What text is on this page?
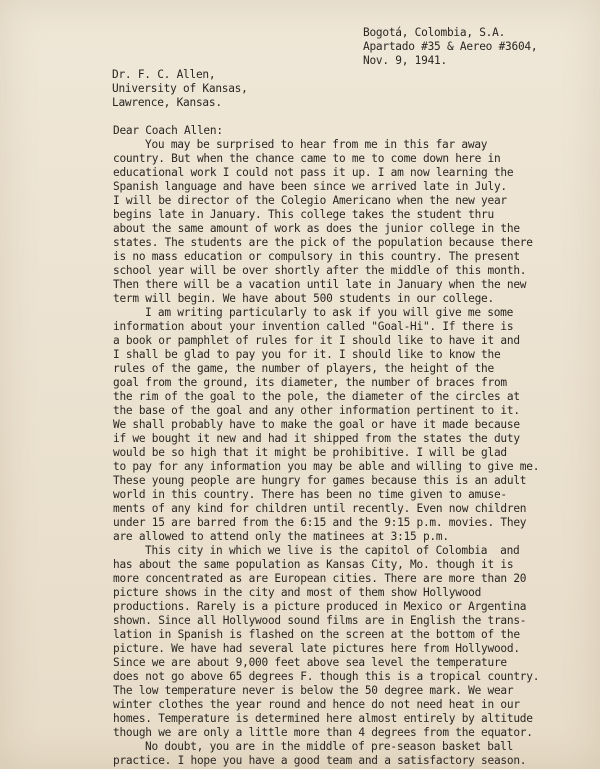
Bogotá, Colombia, S.A.
Apartado #35 & Aereo #3604,
Nov. 9, 1941.
Dr. F. C. Allen,
University of Kansas,
Lawrence, Kansas.
Dear Coach Allen:
You may be surprised to hear from me in this far away
country. But when the chance came to me to come down here in
educational work I could not pass it up. I am now learning the
Spanish language and have been since we arrived late in July.
I will be director of the Colegio Americano when the new year
begins late in January. This college takes the student thru
about the same amount of work as does the junior college in the
states. The students are the pick of the population because there
is no mass education or compulsory in this country. The present
school year will be over shortly after the middle of this month.
Then there will be a vacation until late in January when the new
term will begin. We have about 500 students in our college.
I am writing particularly to ask if you will give me some
information about your invention called "Goal-Hi". If there is
a book or pamphlet of rules for it I should like to have it and
I shall be glad to pay you for it. I should like to know the
rules of the game, the number of players, the height of the
goal from the ground, its diameter, the number of braces from
the rim of the goal to the pole, the diameter of the circles at
the base of the goal and any other information pertinent to it.
We shall probably have to make the goal or have it made because
if we bought it new and had it shipped from the states the duty
would be so high that it might be prohibitive. I will be glad
to pay for any information you may be able and willing to give me.
These young people are hungry for games because this is an adult
world in this country. There has been no time given to amuse-
ments of any kind for children until recently. Even now children
under 15 are barred from the 6:15 and the 9:15 p.m. movies. They
are allowed to attend only the matinees at 3:15 p.m.
This city in which we live is the capitol of Colombia  and
has about the same population as Kansas City, Mo. though it is
more concentrated as are European cities. There are more than 20
picture shows in the city and most of them show Hollywood
productions. Rarely is a picture produced in Mexico or Argentina
shown. Since all Hollywood sound films are in English the trans-
lation in Spanish is flashed on the screen at the bottom of the
picture. We have had several late pictures here from Hollywood.
Since we are about 9,000 feet above sea level the temperature
does not go above 65 degrees F. though this is a tropical country.
The low temperature never is below the 50 degree mark. We wear
winter clothes the year round and hence do not need heat in our
homes. Temperature is determined here almost entirely by altitude
though we are only a little more than 4 degrees from the equator.
No doubt, you are in the middle of pre-season basket ball
practice. I hope you have a good team and a satisfactory season.
